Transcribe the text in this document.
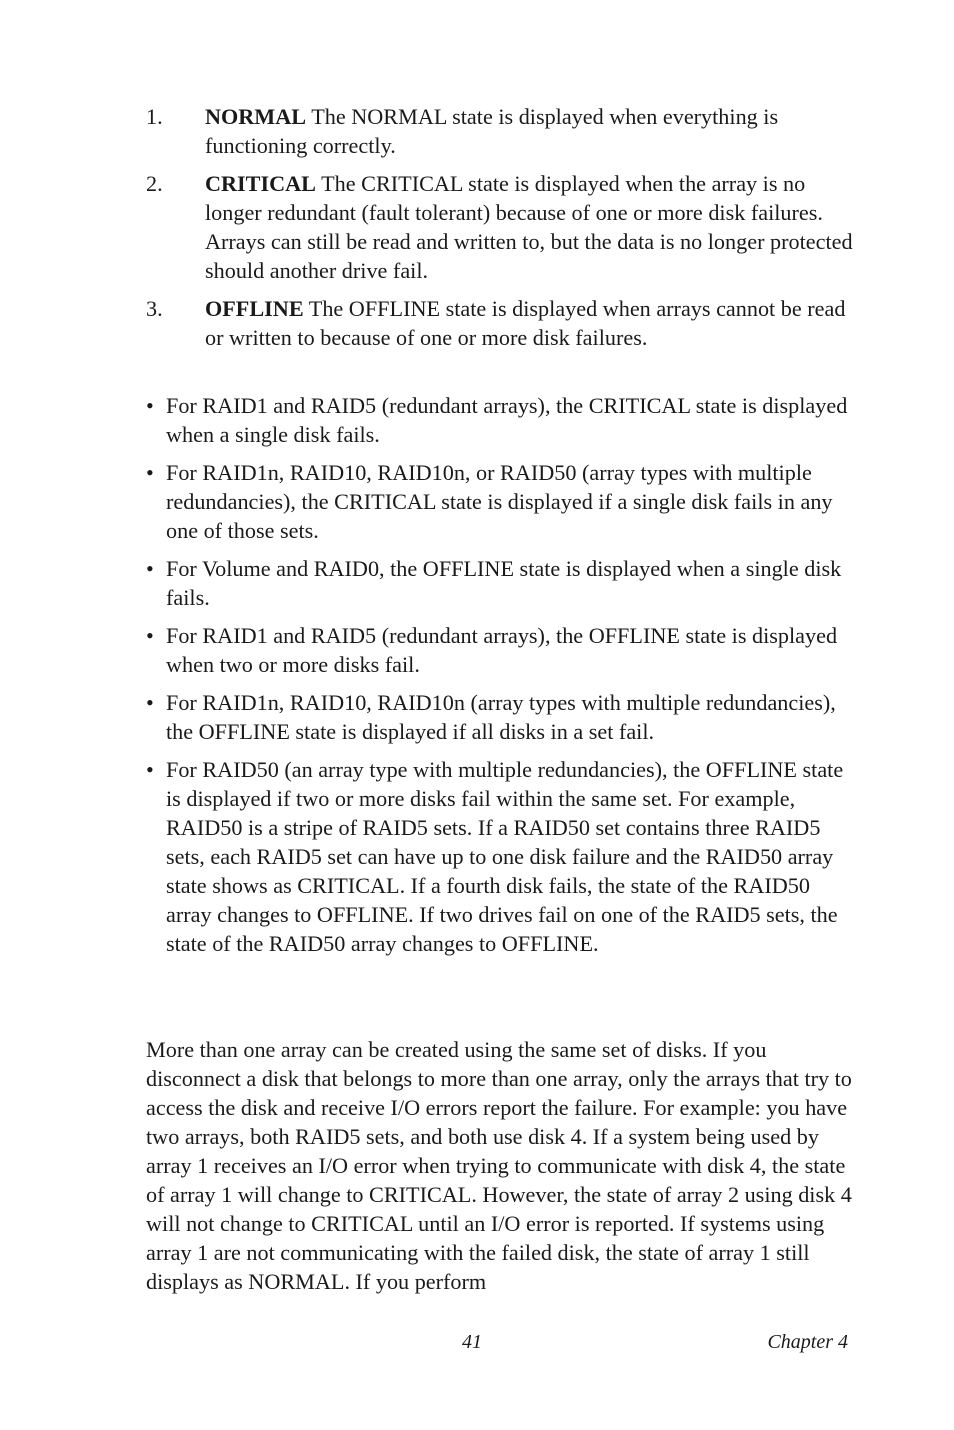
1. NORMAL The NORMAL state is displayed when everything is functioning correctly.
2. CRITICAL The CRITICAL state is displayed when the array is no longer redundant (fault tolerant) because of one or more disk failures. Arrays can still be read and written to, but the data is no longer protected should another drive fail.
3. OFFLINE The OFFLINE state is displayed when arrays cannot be read or written to because of one or more disk failures.
• For RAID1 and RAID5 (redundant arrays), the CRITICAL state is displayed when a single disk fails.
• For RAID1n, RAID10, RAID10n, or RAID50 (array types with multiple redundancies), the CRITICAL state is displayed if a single disk fails in any one of those sets.
• For Volume and RAID0, the OFFLINE state is displayed when a single disk fails.
• For RAID1 and RAID5 (redundant arrays), the OFFLINE state is displayed when two or more disks fail.
• For RAID1n, RAID10, RAID10n (array types with multiple redundancies), the OFFLINE state is displayed if all disks in a set fail.
• For RAID50 (an array type with multiple redundancies), the OFFLINE state is displayed if two or more disks fail within the same set. For example, RAID50 is a stripe of RAID5 sets. If a RAID50 set contains three RAID5 sets, each RAID5 set can have up to one disk failure and the RAID50 array state shows as CRITICAL. If a fourth disk fails, the state of the RAID50 array changes to OFFLINE. If two drives fail on one of the RAID5 sets, the state of the RAID50 array changes to OFFLINE.

More than one array can be created using the same set of disks. If you disconnect a disk that belongs to more than one array, only the arrays that try to access the disk and receive I/O errors report the failure. For example: you have two arrays, both RAID5 sets, and both use disk 4. If a system being used by array 1 receives an I/O error when trying to communicate with disk 4, the state of array 1 will change to CRITICAL. However, the state of array 2 using disk 4 will not change to CRITICAL until an I/O error is reported. If systems using array 1 are not communicating with the failed disk, the state of array 1 still displays as NORMAL. If you perform

41	Chapter 4
